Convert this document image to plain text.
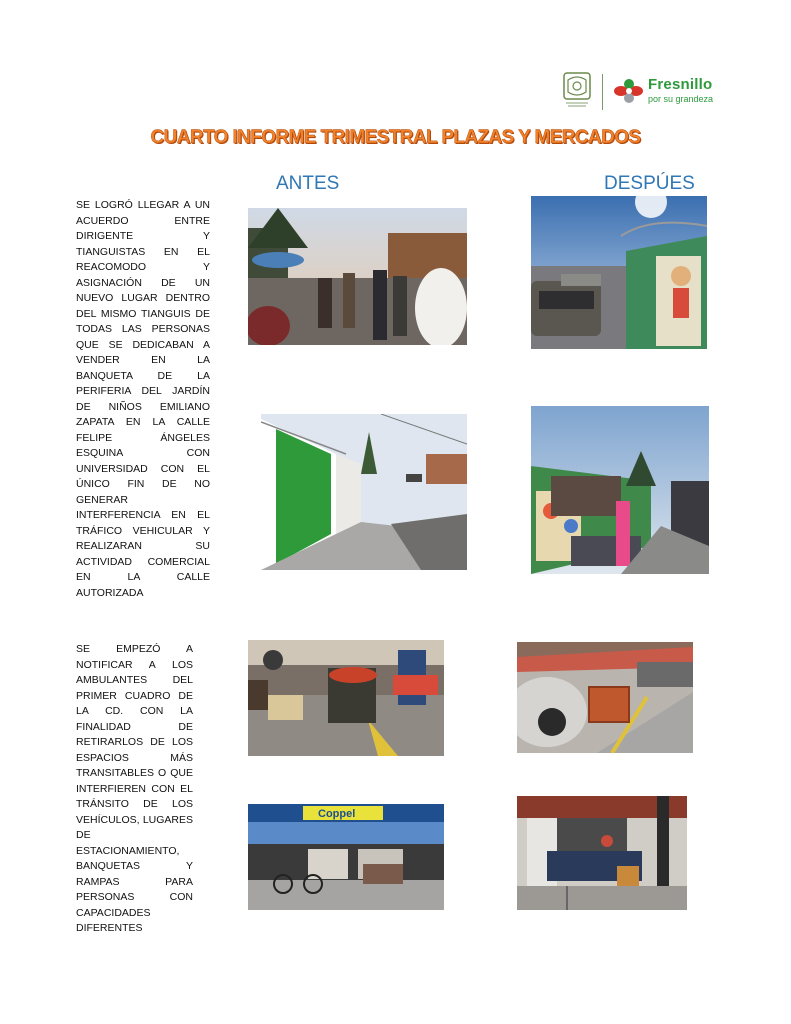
Fresnillo
por su grandeza
CUARTO INFORME TRIMESTRAL PLAZAS Y MERCADOS
ANTES	DESPÚES
SE LOGRÓ LLEGAR A UN ACUERDO ENTRE DIRIGENTE Y TIANGUISTAS EN EL REACOMODO Y ASIGNACIÓN DE UN NUEVO LUGAR DENTRO DEL MISMO TIANGUIS DE TODAS LAS PERSONAS QUE SE DEDICABAN A VENDER EN LA BANQUETA DE LA PERIFERIA DEL JARDÍN DE NIÑOS EMILIANO ZAPATA EN LA CALLE FELIPE ÁNGELES ESQUINA CON UNIVERSIDAD CON EL ÚNICO FIN DE NO GENERAR INTERFERENCIA EN EL TRÁFICO VEHICULAR Y REALIZARAN SU ACTIVIDAD COMERCIAL EN LA CALLE AUTORIZADA
SE EMPEZÓ A NOTIFICAR A LOS AMBULANTES DEL PRIMER CUADRO DE LA CD. CON LA FINALIDAD DE RETIRARLOS DE LOS ESPACIOS MÁS TRANSITABLES O QUE INTERFIEREN CON EL TRÁNSITO DE LOS VEHÍCULOS, LUGARES DE ESTACIONAMIENTO, BANQUETAS Y RAMPAS PARA PERSONAS CON CAPACIDADES DIFERENTES
Coppel
